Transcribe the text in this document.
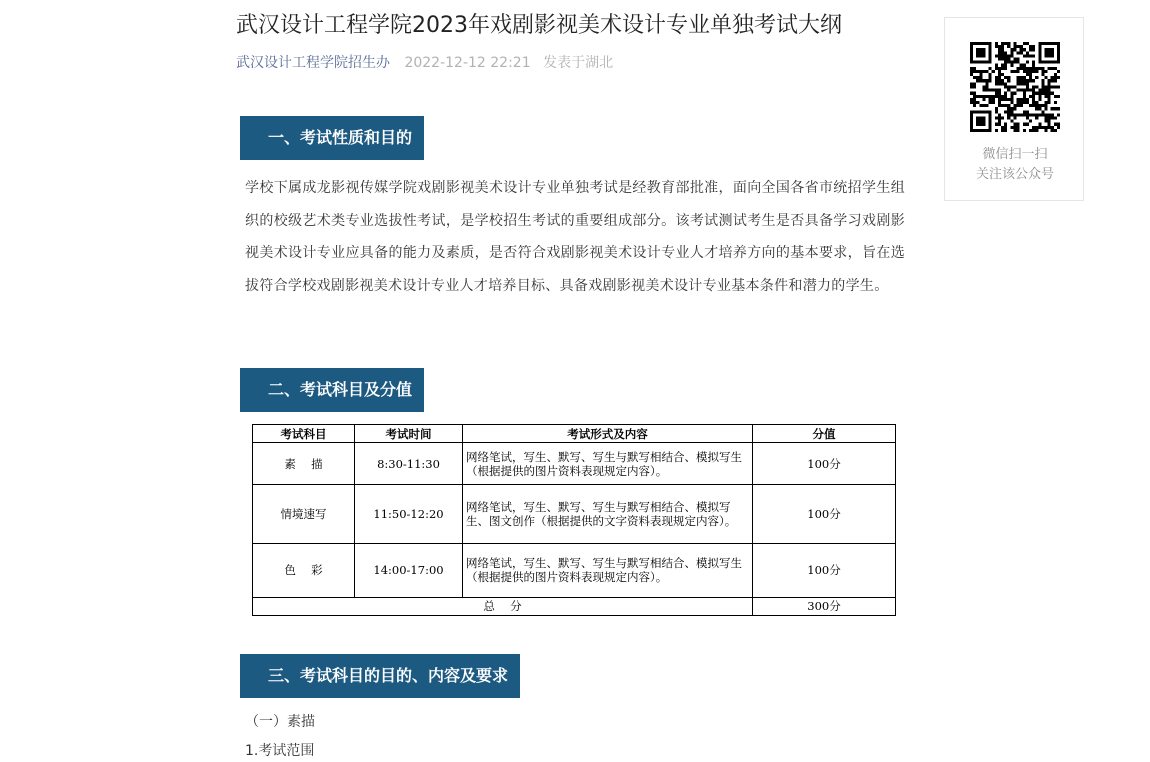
武汉设计工程学院2023年戏剧影视美术设计专业单独考试大纲
武汉设计工程学院招生办 2022-12-12 22:21 发表于湖北
一、考试性质和目的
学校下属成龙影视传媒学院戏剧影视美术设计专业单独考试是经教育部批准，面向全国各省市统招学生组织的校级艺术类专业选拔性考试，是学校招生考试的重要组成部分。该考试测试考生是否具备学习戏剧影视美术设计专业应具备的能力及素质，是否符合戏剧影视美术设计专业人才培养方向的基本要求，旨在选拔符合学校戏剧影视美术设计专业人才培养目标、具备戏剧影视美术设计专业基本条件和潜力的学生。
二、考试科目及分值
考试科目	考试时间	考试形式及内容	分值
素　 描	8:30-11:30	网络笔试，写生、默写、写生与默写相结合、模拟写生（根据提供的图片资料表现规定内容）。	100分
情境速写	11:50-12:20	网络笔试，写生、默写、写生与默写相结合、模拟写生、图文创作（根据提供的文字资料表现规定内容）。	100分
色　 彩	14:00-17:00	网络笔试，写生、默写、写生与默写相结合、模拟写生（根据提供的图片资料表现规定内容）。	100分
总　 分			300分
三、考试科目的目的、内容及要求
（一）素描
1.考试范围
微信扫一扫
关注该公众号
